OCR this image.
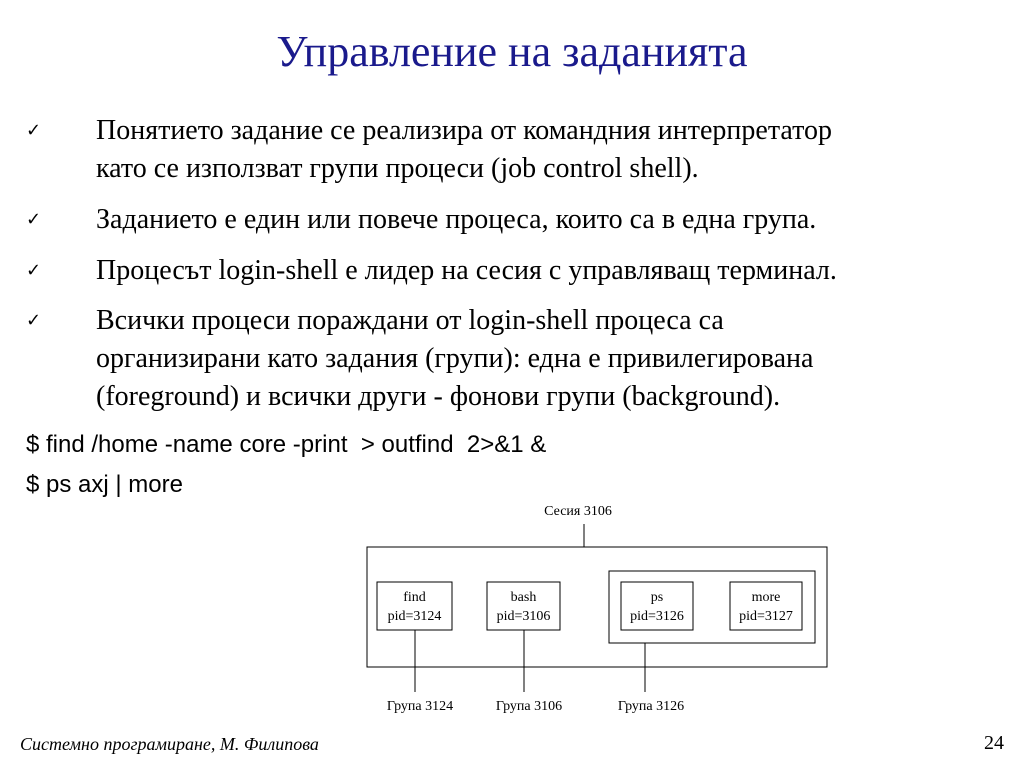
Управление на заданията
✓ Понятието задание се реализира от командния интерпретатор
като се използват групи процеси (job control shell).
✓ Заданието е един или повече процеса, които са в една група.
✓ Процесът login-shell е лидер на сесия с управляващ терминал.
✓ Всички процеси пораждани от login-shell процеса са
организирани като задания (групи): една е привилегирована
(foreground) и всички други - фонови групи (background).
$ find /home -name core -print  > outfind  2>&1 &
$ ps axj | more
Сесия 3106
find
pid=3124
bash
pid=3106
ps
pid=3126
more
pid=3127
Група 3124	Група 3106	Група 3126
Системно програмиране, М. Филипова	24
